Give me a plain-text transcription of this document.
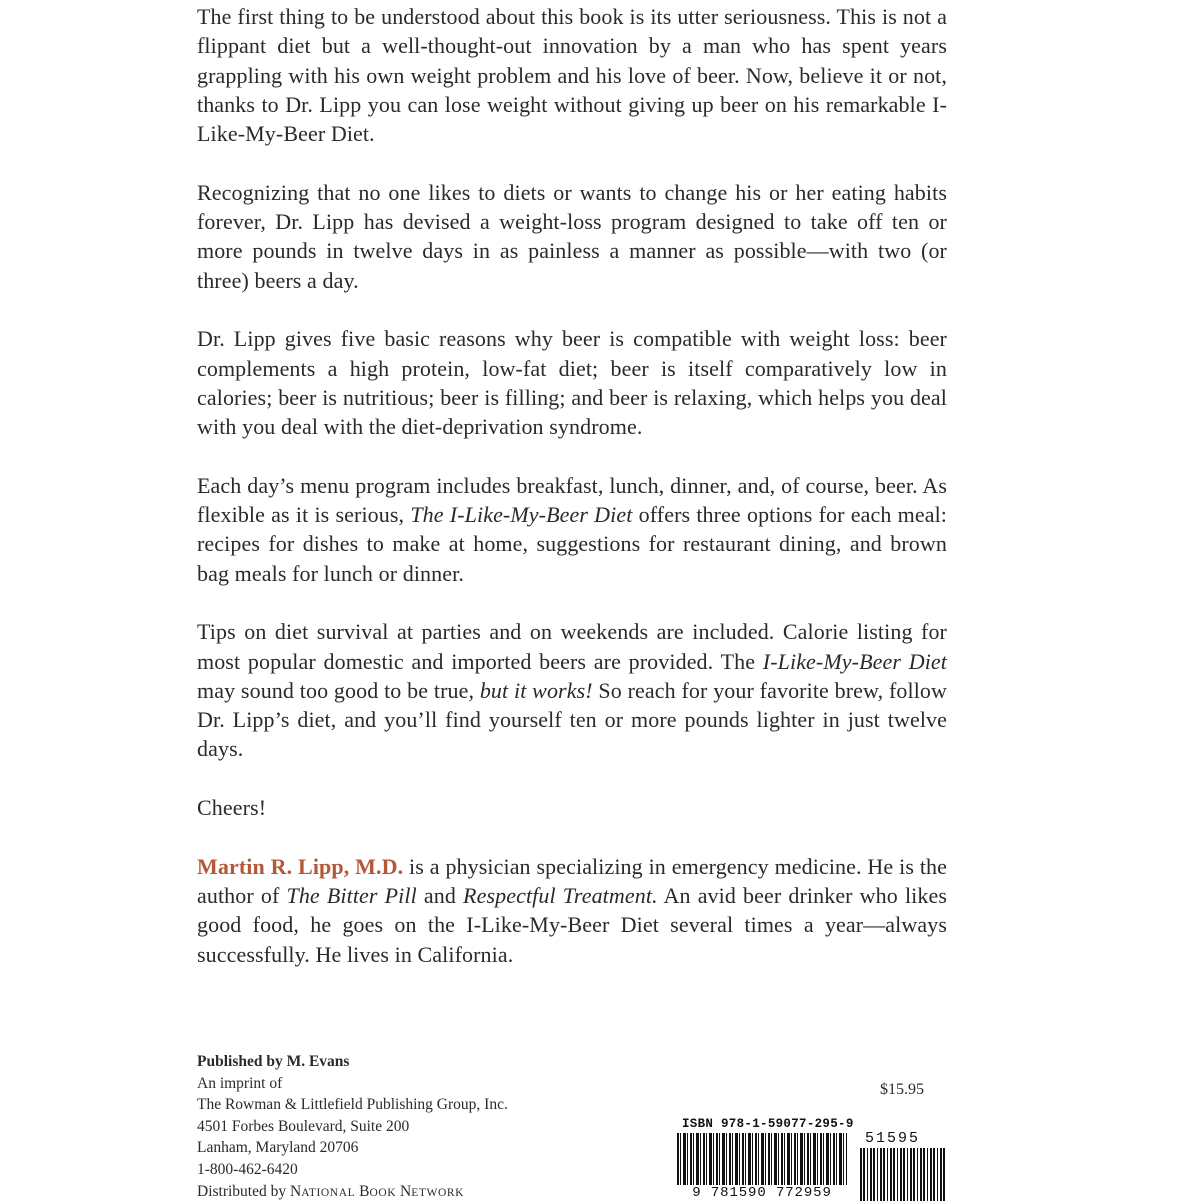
The first thing to be understood about this book is its utter seriousness. This is not a flippant diet but a well-thought-out innovation by a man who has spent years grappling with his own weight problem and his love of beer. Now, believe it or not, thanks to Dr. Lipp you can lose weight without giving up beer on his remarkable I-Like-My-Beer Diet.

Recognizing that no one likes to diets or wants to change his or her eating habits forever, Dr. Lipp has devised a weight-loss program designed to take off ten or more pounds in twelve days in as painless a manner as possible—with two (or three) beers a day.

Dr. Lipp gives five basic reasons why beer is compatible with weight loss: beer complements a high protein, low-fat diet; beer is itself comparatively low in calories; beer is nutritious; beer is filling; and beer is relaxing, which helps you deal with you deal with the diet-deprivation syndrome.

Each day’s menu program includes breakfast, lunch, dinner, and, of course, beer. As flexible as it is serious, The I-Like-My-Beer Diet offers three options for each meal: recipes for dishes to make at home, suggestions for restaurant dining, and brown bag meals for lunch or dinner.

Tips on diet survival at parties and on weekends are included. Calorie listing for most popular domestic and imported beers are provided. The I-Like-My-Beer Diet may sound too good to be true, but it works! So reach for your favorite brew, follow Dr. Lipp’s diet, and you’ll find yourself ten or more pounds lighter in just twelve days.

Cheers!

Martin R. Lipp, M.D. is a physician specializing in emergency medicine. He is the author of The Bitter Pill and Respectful Treatment. An avid beer drinker who likes good food, he goes on the I-Like-My-Beer Diet several times a year—always successfully. He lives in California.

Published by M. Evans
An imprint of
The Rowman & Littlefield Publishing Group, Inc.
4501 Forbes Boulevard, Suite 200
Lanham, Maryland 20706
1-800-462-6420
Distributed by NATIONAL BOOK NETWORK
$15.95
ISBN 978-1-59077-295-9
51595
9 781590 772959
